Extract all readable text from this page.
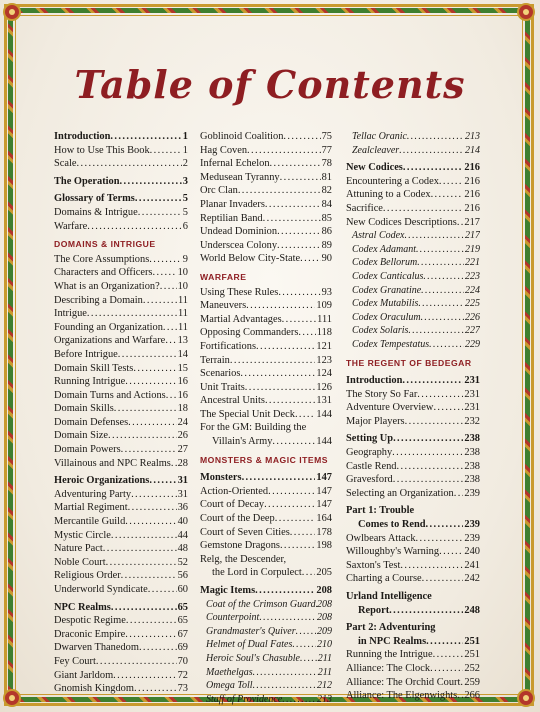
Table of Contents
Introduction . . .	1
How to Use This Book . . .	1
Scale . . .	2
The Operation . . .	3
Glossary of Terms . . .	5
Domains & Intrigue . . .	5
Warfare . . .	6
DOMAINS & INTRIGUE
The Core Assumptions . . .	9
Characters and Officers . . . 10
What is an Organization? . . . 10
Describing a Domain . . .	11
Intrigue . . .	11
Founding an Organization . . . 11
Organizations and Warfare . . . 13
Before Intrigue . . .	14
Domain Skill Tests . . .	15
Running Intrigue . . .	16
Domain Turns and Actions . . . 16
Domain Skills . . .	18
Domain Defenses . . .	24
Domain Size . . .	26
Domain Powers . . .	27
Villainous and NPC Realms . . . 28
Heroic Organizations . . .	31
Adventuring Party . . .	31
Martial Regiment . . .	36
Mercantile Guild . . .	40
Mystic Circle . . .	44
Nature Pact . . .	48
Noble Court . . .	52
Religious Order . . .	56
Underworld Syndicate . . .	60
NPC Realms . . .	65
Despotic Regime . . .	65
Draconic Empire . . .	67
Dwarven Thanedom . . .	69
Fey Court . . .	70
Giant Jarldom . . .	72
Gnomish Kingdom . . .	73
Goblinoid Coalition . . .	75
Hag Coven . . .	77
Infernal Echelon . . .	78
Medusean Tyranny . . .	81
Orc Clan . . .	82
Planar Invaders . . .	84
Reptilian Band . . .	85
Undead Dominion . . .	86
Underscea Colony . . .	89
World Below City-State . . . 90
WARFARE
Using These Rules . . .	93
Maneuvers . . .	109
Martial Advantages . . .	111
Opposing Commanders . . . 118
Fortifications . . .	121
Terrain . . .	123
Scenarios . . .	124
Unit Traits . . .	126
Ancestral Units . . .	131
The Special Unit Deck . . . 144
For the GM: Building the
Villain's Army . . .	144
MONSTERS & MAGIC ITEMS
Monsters . . .	147
Action-Oriented . . .	147
Court of Decay . . .	147
Court of the Deep . . .	164
Court of Seven Cities . . .	178
Gemstone Dragons . . .	198
Relg, the Descender,
the Lord in Corpulect . . . 205
Magic Items . . .	208
Coat of the Crimson Guard . . . 208
Counterpoint . . .	208
Grandmaster's Quiver . . . 209
Helmet of Dual Fates . . . 210
Heroic Soul's Chasuble . . . 211
Maethelgas . . .	211
Omega Toll . . .	212
Staff of Providence . . .	213
Tellac Oranic . . .	213
Zealcleaver . . .	214
New Codices . . .	216
Encountering a Codex . . . 216
Attuning to a Codex . . .	216
Sacrifice . . .	216
New Codices Descriptions . . . 217
Astral Codex . . .	217
Codex Adamant . . .	219
Codex Bellorum . . .	221
Codex Canticalus . . .	223
Codex Granatine . . .	224
Codex Mutabilis . . .	225
Codex Oraculum . . .	226
Codex Solaris . . .	227
Codex Tempestatus . . .	229
THE REGENT OF BEDEGAR
Introduction . . .	231
The Story So Far . . .	231
Adventure Overview . . .	231
Major Players . . .	232
Setting Up . . .	238
Geography . . .	238
Castle Rend . . .	238
Gravesford . . .	238
Selecting an Organization . . . 239
Part 1: Trouble
Comes to Rend . . .	239
Owlbears Attack . . .	239
Willoughby's Warning . . . 240
Saxton's Test . . .	241
Charting a Course . . .	242
Urland Intelligence
Report . . .	248
Part 2: Adventuring
in NPC Realms . . .	251
Running the Intrigue . . .	251
Alliance: The Clock . . .	252
Alliance: The Orchid Court . . . 259
Alliance: The Elgenwights . . . 266
